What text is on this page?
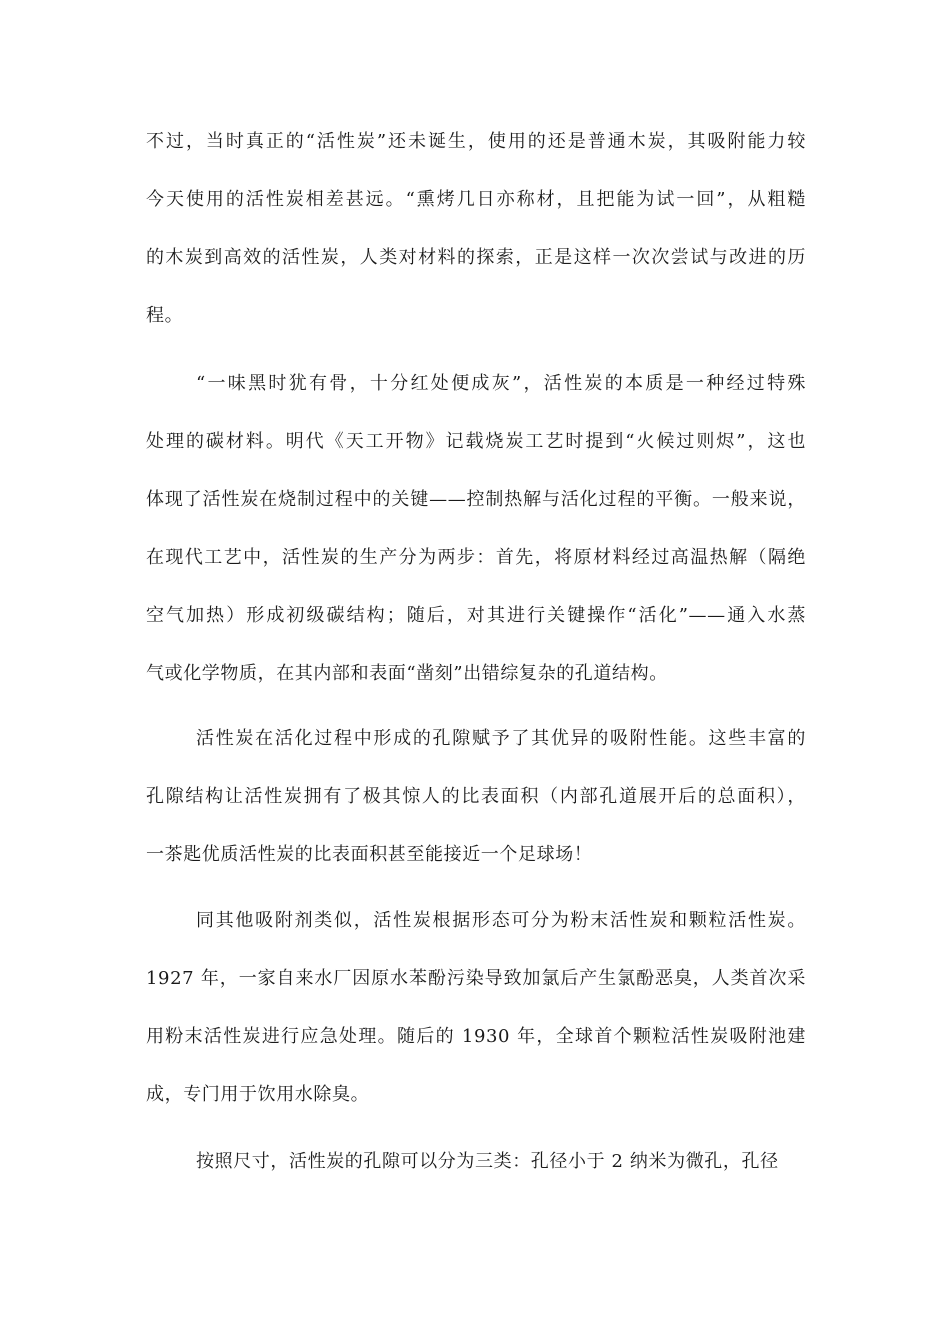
不过，当时真正的“活性炭”还未诞生，使用的还是普通木炭，其吸附能力较
今天使用的活性炭相差甚远。“熏烤几日亦称材，且把能为试一回”，从粗糙
的木炭到高效的活性炭，人类对材料的探索，正是这样一次次尝试与改进的历
程。
“一味黑时犹有骨，十分红处便成灰”，活性炭的本质是一种经过特殊
处理的碳材料。明代《天工开物》记载烧炭工艺时提到“火候过则烬”，这也
体现了活性炭在烧制过程中的关键——控制热解与活化过程的平衡。一般来说，
在现代工艺中，活性炭的生产分为两步：首先，将原材料经过高温热解（隔绝
空气加热）形成初级碳结构；随后，对其进行关键操作“活化”——通入水蒸
气或化学物质，在其内部和表面“凿刻”出错综复杂的孔道结构。
活性炭在活化过程中形成的孔隙赋予了其优异的吸附性能。这些丰富的
孔隙结构让活性炭拥有了极其惊人的比表面积（内部孔道展开后的总面积），
一茶匙优质活性炭的比表面积甚至能接近一个足球场！
同其他吸附剂类似，活性炭根据形态可分为粉末活性炭和颗粒活性炭。
1927 年，一家自来水厂因原水苯酚污染导致加氯后产生氯酚恶臭，人类首次采
用粉末活性炭进行应急处理。随后的 1930 年，全球首个颗粒活性炭吸附池建
成，专门用于饮用水除臭。
按照尺寸，活性炭的孔隙可以分为三类：孔径小于 2 纳米为微孔，孔径
